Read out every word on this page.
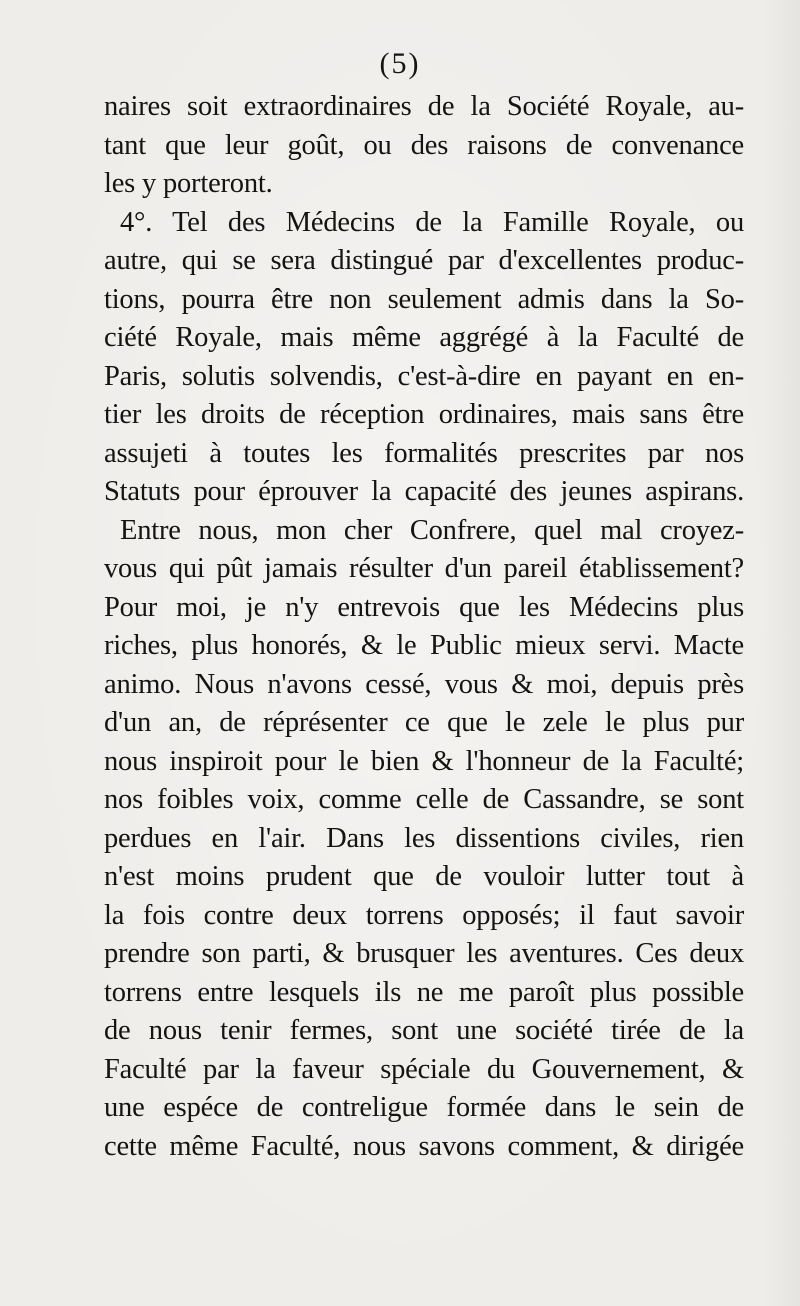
(5)
naires soit extraordinaires de la Société Royale, au-
tant que leur goût, ou des raisons de convenance
les y porteront.
4°. Tel des Médecins de la Famille Royale, ou
autre, qui se sera distingué par d'excellentes produc-
tions, pourra être non seulement admis dans la So-
ciété Royale, mais même aggrégé à la Faculté de
Paris, solutis solvendis, c'est-à-dire en payant en en-
tier les droits de réception ordinaires, mais sans être
assujeti à toutes les formalités prescrites par nos
Statuts pour éprouver la capacité des jeunes aspirans.
Entre nous, mon cher Confrere, quel mal croyez-
vous qui pût jamais résulter d'un pareil établissement?
Pour moi, je n'y entrevois que les Médecins plus
riches, plus honorés, & le Public mieux servi. Macte
animo. Nous n'avons cessé, vous & moi, depuis près
d'un an, de réprésenter ce que le zele le plus pur
nous inspiroit pour le bien & l'honneur de la Faculté;
nos foibles voix, comme celle de Cassandre, se sont
perdues en l'air. Dans les dissentions civiles, rien
n'est moins prudent que de vouloir lutter tout à
la fois contre deux torrens opposés; il faut savoir
prendre son parti, & brusquer les aventures. Ces deux
torrens entre lesquels ils ne me paroît plus possible
de nous tenir fermes, sont une société tirée de la
Faculté par la faveur spéciale du Gouvernement, &
une espéce de contreligue formée dans le sein de
cette même Faculté, nous savons comment, & dirigée
